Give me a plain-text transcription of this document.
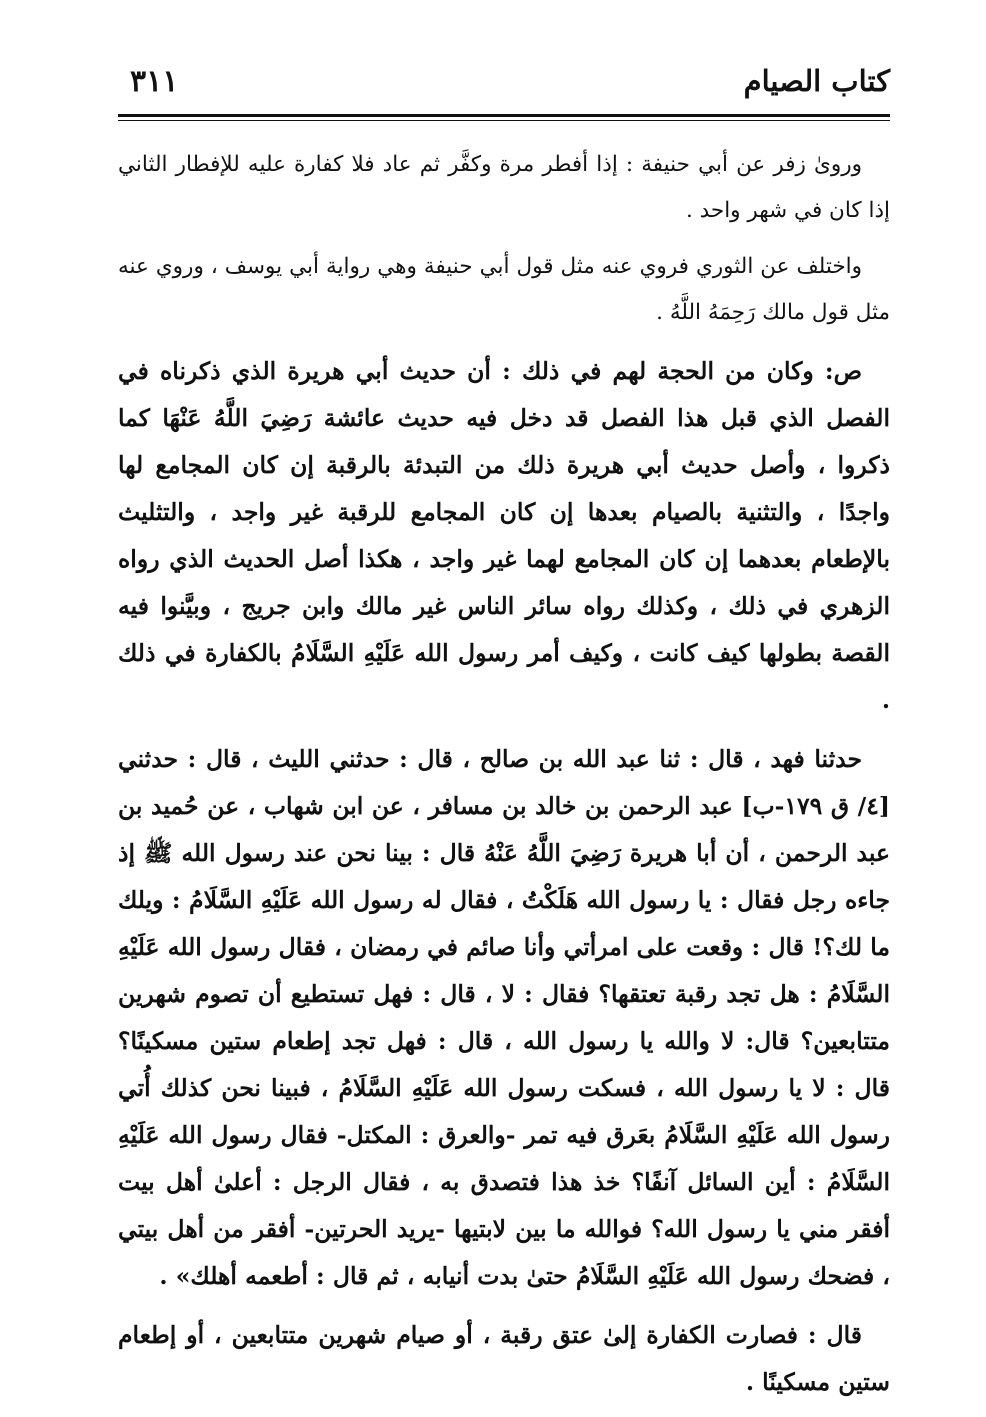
كتاب الصيام
٣١١

وروىٰ زفر عن أبي حنيفة : إذا أفطر مرة وكفَّر ثم عاد فلا كفارة عليه للإفطار الثاني إذا كان في شهر واحد .

واختلف عن الثوري فروي عنه مثل قول أبي حنيفة وهي رواية أبي يوسف ، وروي عنه مثل قول مالك رَحِمَهُ اللَّهُ .

ص: وكان من الحجة لهم في ذلك : أن حديث أبي هريرة الذي ذكرناه في الفصل الذي قبل هذا الفصل قد دخل فيه حديث عائشة رَضِيَ اللَّهُ عَنْهَا كما ذكروا ، وأصل حديث أبي هريرة ذلك من التبدئة بالرقبة إن كان المجامع لها واجدًا ، والتثنية بالصيام بعدها إن كان المجامع للرقبة غير واجد ، والتثليث بالإطعام بعدهما إن كان المجامع لهما غير واجد ، هكذا أصل الحديث الذي رواه الزهري في ذلك ، وكذلك رواه سائر الناس غير مالك وابن جريج ، وبيَّنوا فيه القصة بطولها كيف كانت ، وكيف أمر رسول الله عَلَيْهِ السَّلَامُ بالكفارة في ذلك .

حدثنا فهد ، قال : ثنا عبد الله بن صالح ، قال : حدثني الليث ، قال : حدثني [٤/ ق ١٧٩-ب] عبد الرحمن بن خالد بن مسافر ، عن ابن شهاب ، عن حُميد بن عبد الرحمن ، أن أبا هريرة رَضِيَ اللَّهُ عَنْهُ قال : بينا نحن عند رسول الله ﷺ إذ جاءه رجل فقال : يا رسول الله هَلَكْتُ ، فقال له رسول الله عَلَيْهِ السَّلَامُ : ويلك ما لك؟! قال : وقعت على امرأتي وأنا صائم في رمضان ، فقال رسول الله عَلَيْهِ السَّلَامُ : هل تجد رقبة تعتقها؟ فقال : لا ، قال : فهل تستطيع أن تصوم شهرين متتابعين؟ قال: لا والله يا رسول الله ، قال : فهل تجد إطعام ستين مسكينًا؟ قال : لا يا رسول الله ، فسكت رسول الله عَلَيْهِ السَّلَامُ ، فبينا نحن كذلك أُتي رسول الله عَلَيْهِ السَّلَامُ بعَرق فيه تمر -والعرق : المكتل- فقال رسول الله عَلَيْهِ السَّلَامُ : أين السائل آنفًا؟ خذ هذا فتصدق به ، فقال الرجل : أعلىٰ أهل بيت أفقر مني يا رسول الله؟ فوالله ما بين لابتيها -يريد الحرتين- أفقر من أهل بيتي ، فضحك رسول الله عَلَيْهِ السَّلَامُ حتىٰ بدت أنيابه ، ثم قال : أطعمه أهلك» .

قال : فصارت الكفارة إلىٰ عتق رقبة ، أو صيام شهرين متتابعين ، أو إطعام ستين مسكينًا .
